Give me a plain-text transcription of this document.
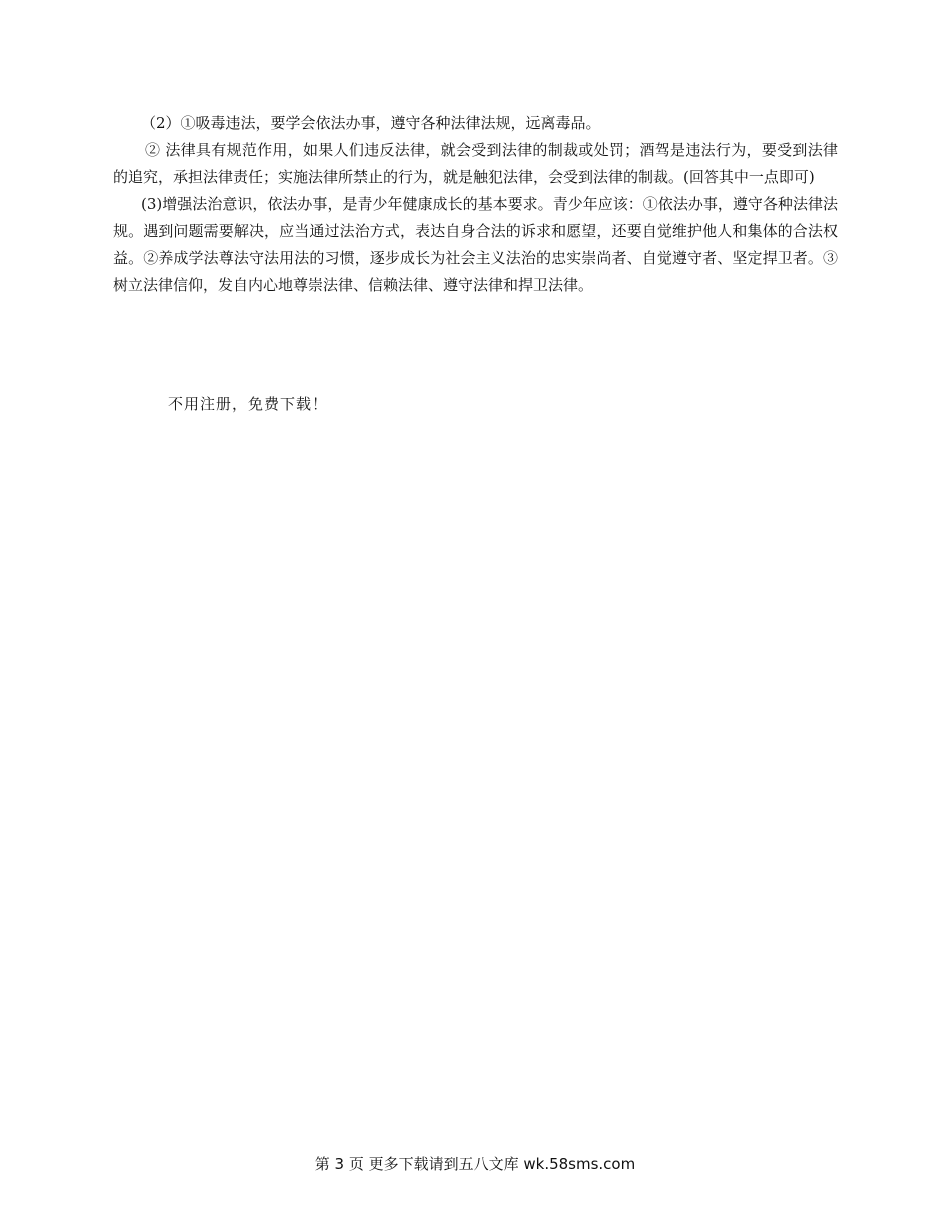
（2）①吸毒违法，要学会依法办事，遵守各种法律法规，远离毒品。

② 法律具有规范作用，如果人们违反法律，就会受到法律的制裁或处罚；酒驾是违法行为，要受到法律的追究，承担法律责任；实施法律所禁止的行为，就是触犯法律，会受到法律的制裁。(回答其中一点即可)

(3)增强法治意识，依法办事，是青少年健康成长的基本要求。青少年应该：①依法办事，遵守各种法律法规。遇到问题需要解决，应当通过法治方式，表达自身合法的诉求和愿望，还要自觉维护他人和集体的合法权益。②养成学法尊法守法用法的习惯，逐步成长为社会主义法治的忠实崇尚者、自觉遵守者、坚定捍卫者。③树立法律信仰，发自内心地尊崇法律、信赖法律、遵守法律和捍卫法律。

不用注册，免费下载！
第 3 页 更多下载请到五八文库 wk.58sms.com
